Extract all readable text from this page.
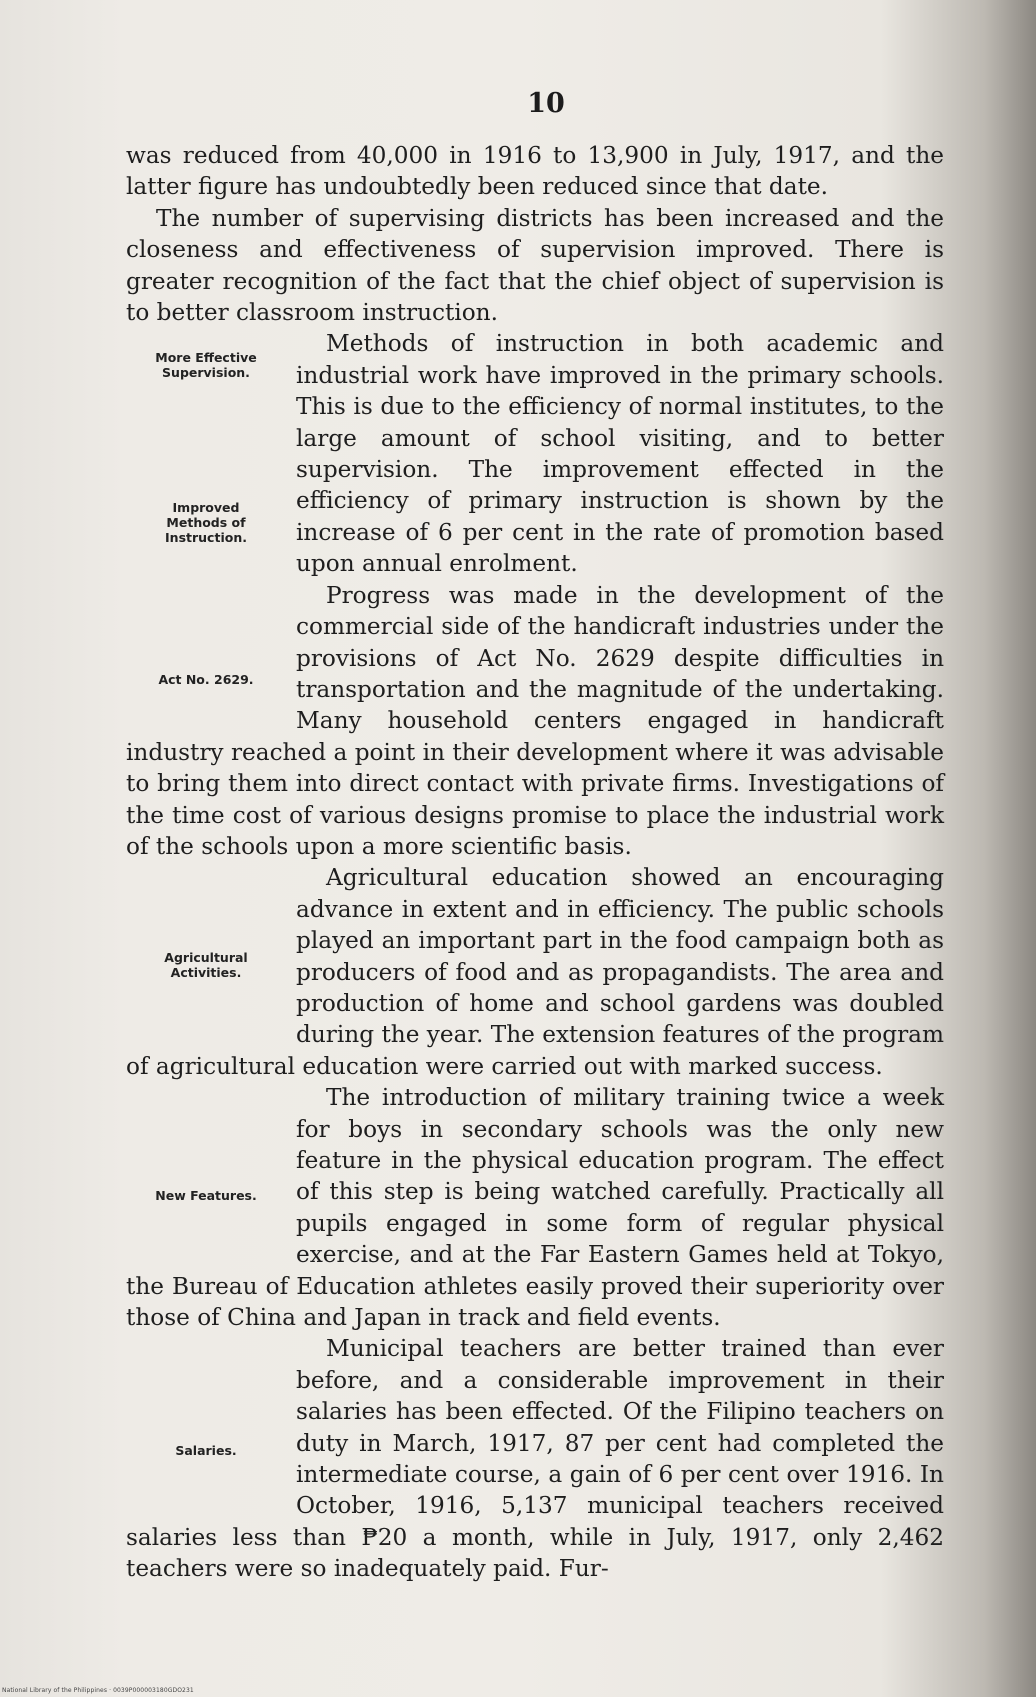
10

was reduced from 40,000 in 1916 to 13,900 in July, 1917, and the latter figure has undoubtedly been reduced since that date.

The number of supervising districts has been increased and the closeness and effectiveness of supervision improved. There is greater recognition of the fact that the chief object of supervision is to better classroom instruction.

More Effective
Supervision.
Improved
Methods of
Instruction.

Methods of instruction in both academic and industrial work have improved in the primary schools. This is due to the efficiency of normal institutes, to the large amount of school visiting, and to better supervision. The improvement effected in the efficiency of primary instruction is shown by the increase of 6 per cent in the rate of promotion based upon annual enrolment.

Act No. 2629.

Progress was made in the development of the commercial side of the handicraft industries under the provisions of Act No. 2629 despite difficulties in transportation and the magnitude of the undertaking. Many household centers engaged in handicraft industry reached a point in their development where it was advisable to bring them into direct contact with private firms. Investigations of the time cost of various designs promise to place the industrial work of the schools upon a more scientific basis.

Agricultural
Activities.

Agricultural education showed an encouraging advance in extent and in efficiency. The public schools played an important part in the food campaign both as producers of food and as propagandists. The area and production of home and school gardens was doubled during the year. The extension features of the program of agricultural education were carried out with marked success.

New Features.

The introduction of military training twice a week for boys in secondary schools was the only new feature in the physical education program. The effect of this step is being watched carefully. Practically all pupils engaged in some form of regular physical exercise, and at the Far Eastern Games held at Tokyo, the Bureau of Education athletes easily proved their superiority over those of China and Japan in track and field events.

Salaries.

Municipal teachers are better trained than ever before, and a considerable improvement in their salaries has been effected. Of the Filipino teachers on duty in March, 1917, 87 per cent had completed the intermediate course, a gain of 6 per cent over 1916. In October, 1916, 5,137 municipal teachers received salaries less than ₱20 a month, while in July, 1917, only 2,462 teachers were so inadequately paid. Fur-

National Library of the Philippines · 0039P000003180GDO231
